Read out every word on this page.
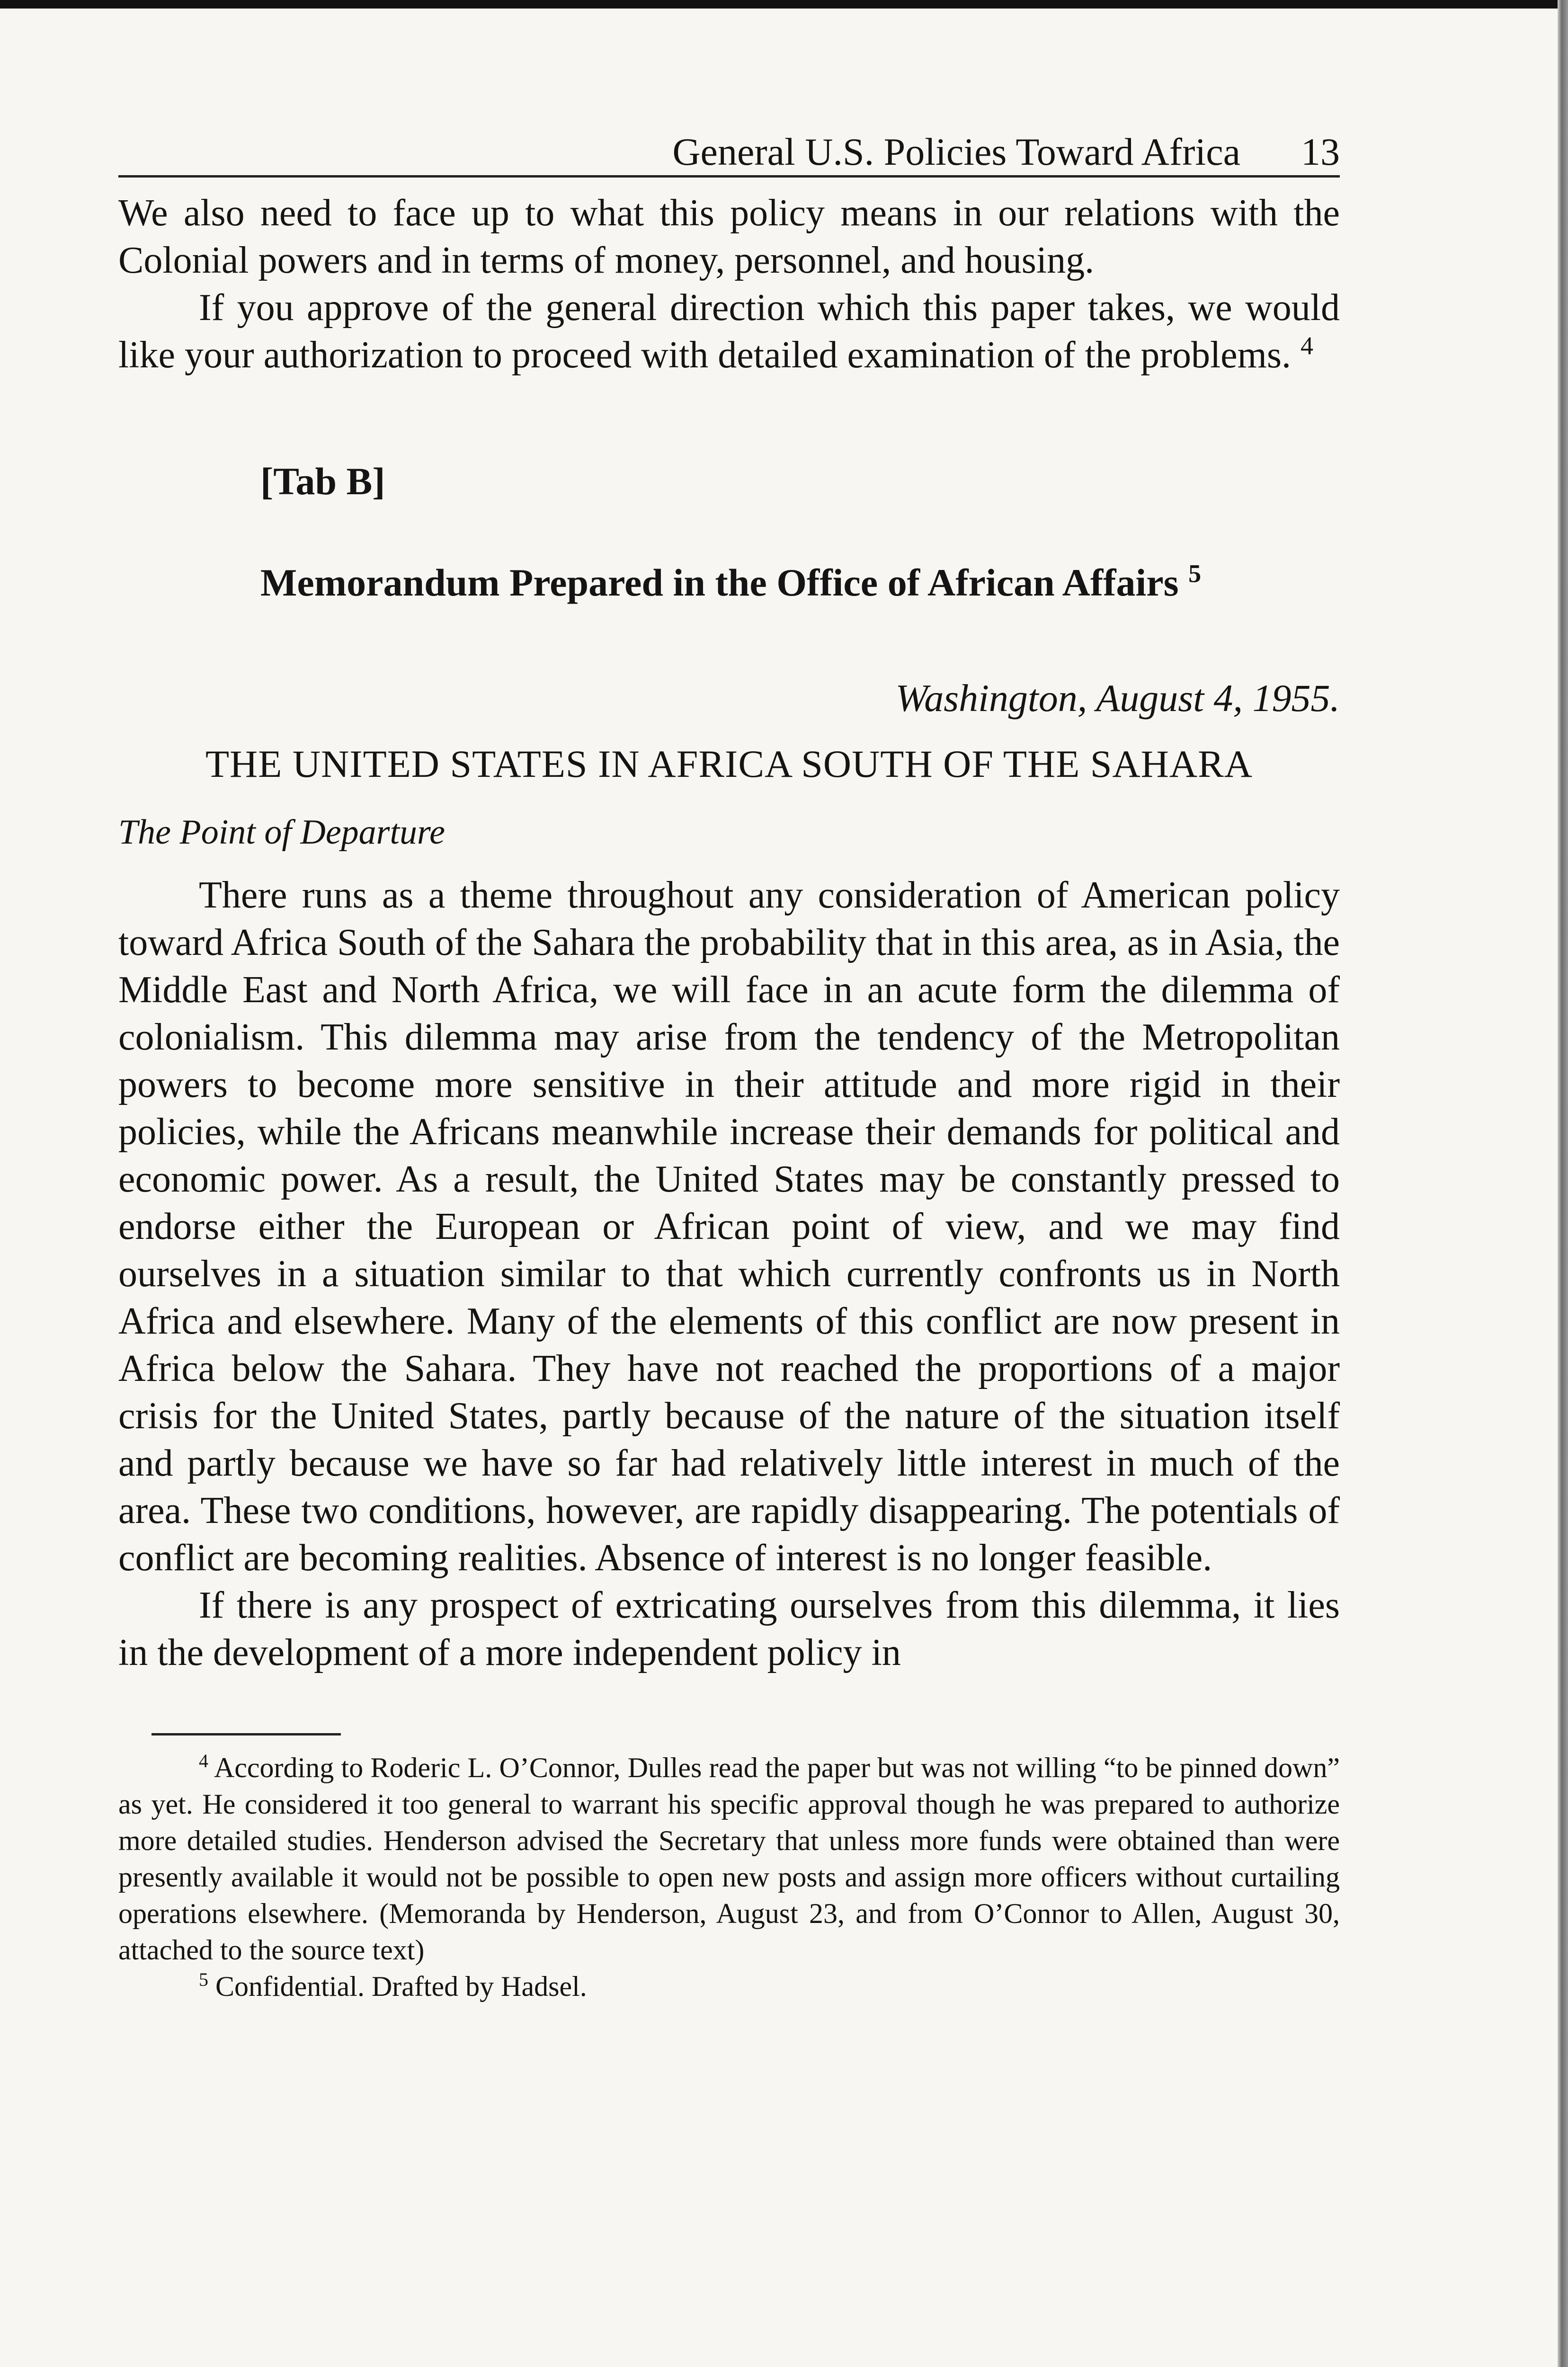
General U.S. Policies Toward Africa 13

We also need to face up to what this policy means in our relations with the Colonial powers and in terms of money, personnel, and housing.

If you approve of the general direction which this paper takes, we would like your authorization to proceed with detailed examination of the problems. $^4$

[Tab B]
Memorandum Prepared in the Office of African Affairs $^5$
Washington, August 4, 1955.
THE UNITED STATES IN AFRICA SOUTH OF THE SAHARA
The Point of Departure

There runs as a theme throughout any consideration of American policy toward Africa South of the Sahara the probability that in this area, as in Asia, the Middle East and North Africa, we will face in an acute form the dilemma of colonialism. This dilemma may arise from the tendency of the Metropolitan powers to become more sensitive in their attitude and more rigid in their policies, while the Africans meanwhile increase their demands for political and economic power. As a result, the United States may be constantly pressed to endorse either the European or African point of view, and we may find ourselves in a situation similar to that which currently confronts us in North Africa and elsewhere. Many of the elements of this conflict are now present in Africa below the Sahara. They have not reached the proportions of a major crisis for the United States, partly because of the nature of the situation itself and partly because we have so far had relatively little interest in much of the area. These two conditions, however, are rapidly disappearing. The potentials of conflict are becoming realities. Absence of interest is no longer feasible.

If there is any prospect of extricating ourselves from this dilemma, it lies in the development of a more independent policy in

$^4$ According to Roderic L. O’Connor, Dulles read the paper but was not willing “to be pinned down” as yet. He considered it too general to warrant his specific approval though he was prepared to authorize more detailed studies. Henderson advised the Secretary that unless more funds were obtained than were presently available it would not be possible to open new posts and assign more officers without curtailing operations elsewhere. (Memoranda by Henderson, August 23, and from O’Connor to Allen, August 30, attached to the source text)

$^5$ Confidential. Drafted by Hadsel.
